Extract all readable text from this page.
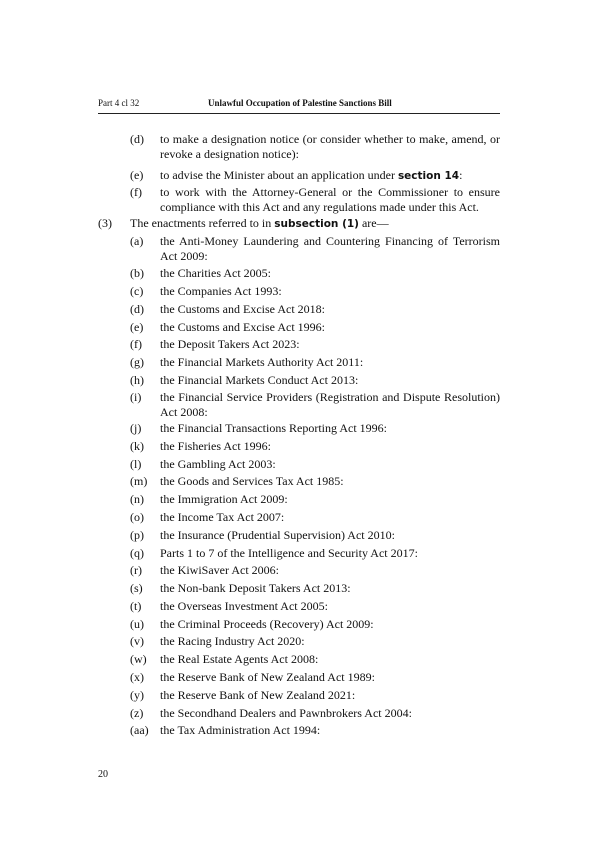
Part 4 cl 32	Unlawful Occupation of Palestine Sanctions Bill
(d)	to make a designation notice (or consider whether to make, amend, or revoke a designation notice):
(e)	to advise the Minister about an application under section 14:
(f)	to work with the Attorney-General or the Commissioner to ensure compliance with this Act and any regulations made under this Act.
(3) The enactments referred to in subsection (1) are—
(a)	the Anti-Money Laundering and Countering Financing of Terrorism Act 2009:
(b)	the Charities Act 2005:
(c)	the Companies Act 1993:
(d)	the Customs and Excise Act 2018:
(e)	the Customs and Excise Act 1996:
(f)	the Deposit Takers Act 2023:
(g)	the Financial Markets Authority Act 2011:
(h)	the Financial Markets Conduct Act 2013:
(i)	the Financial Service Providers (Registration and Dispute Resolution) Act 2008:
(j)	the Financial Transactions Reporting Act 1996:
(k)	the Fisheries Act 1996:
(l)	the Gambling Act 2003:
(m)	the Goods and Services Tax Act 1985:
(n)	the Immigration Act 2009:
(o)	the Income Tax Act 2007:
(p)	the Insurance (Prudential Supervision) Act 2010:
(q)	Parts 1 to 7 of the Intelligence and Security Act 2017:
(r)	the KiwiSaver Act 2006:
(s)	the Non-bank Deposit Takers Act 2013:
(t)	the Overseas Investment Act 2005:
(u)	the Criminal Proceeds (Recovery) Act 2009:
(v)	the Racing Industry Act 2020:
(w)	the Real Estate Agents Act 2008:
(x)	the Reserve Bank of New Zealand Act 1989:
(y)	the Reserve Bank of New Zealand 2021:
(z)	the Secondhand Dealers and Pawnbrokers Act 2004:
(aa) the Tax Administration Act 1994:
20
